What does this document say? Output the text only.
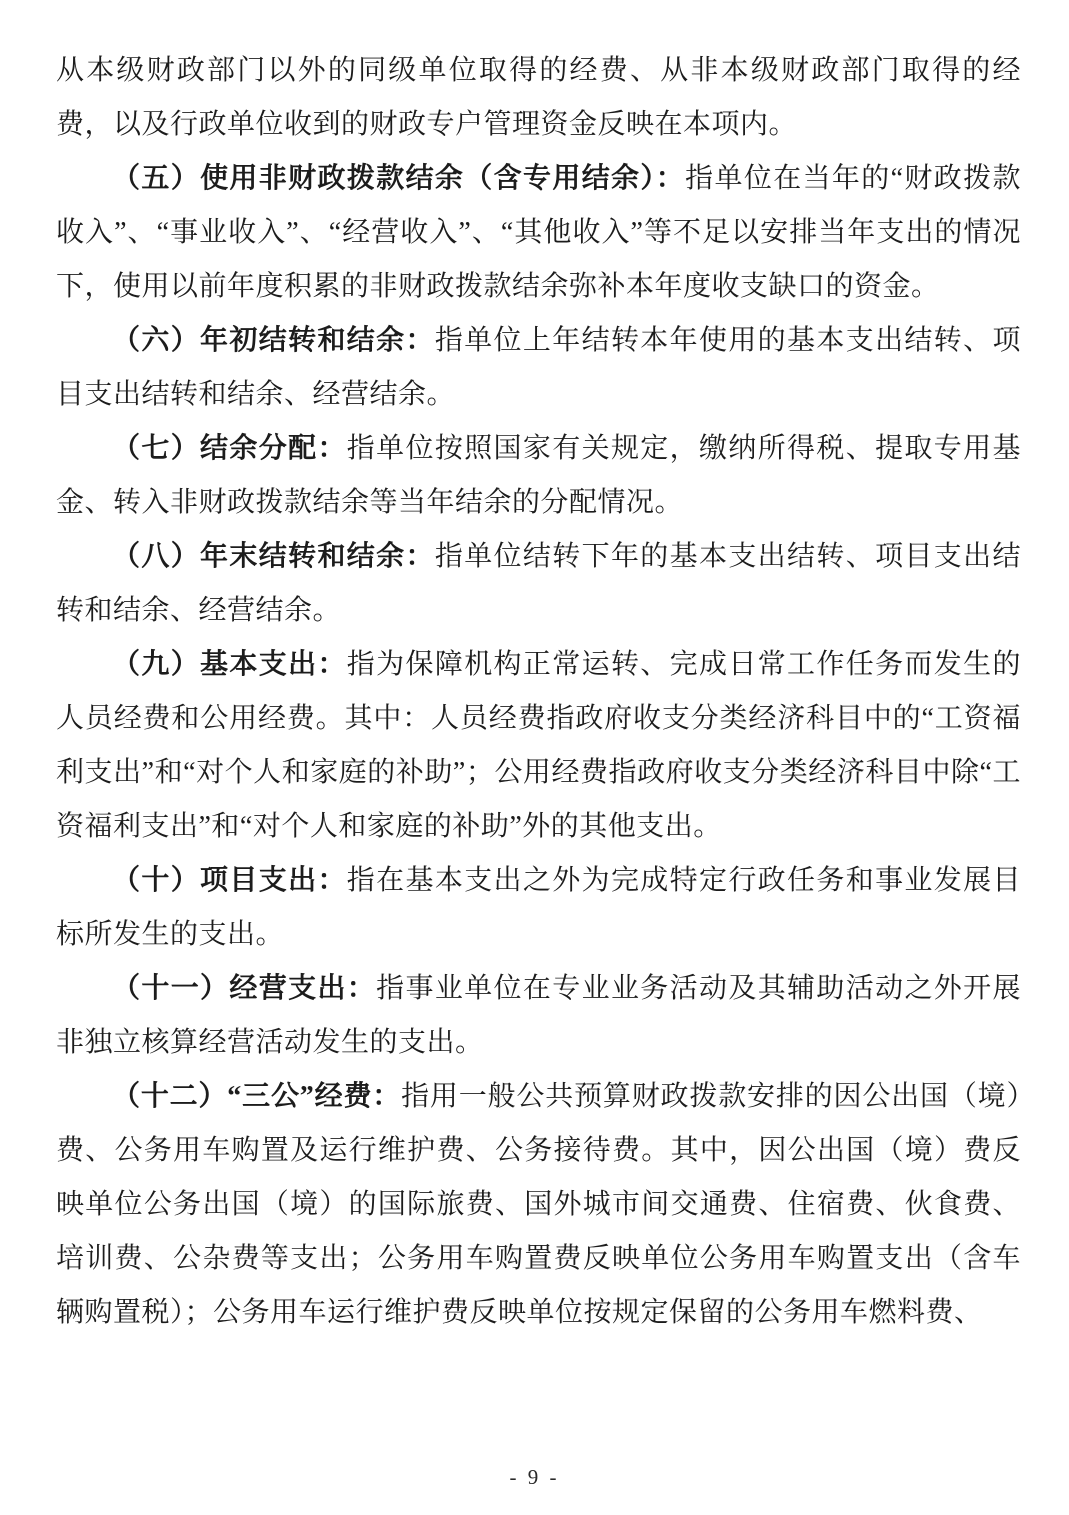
从本级财政部门以外的同级单位取得的经费、从非本级财政部门取得的经费，以及行政单位收到的财政专户管理资金反映在本项内。

（五）使用非财政拨款结余（含专用结余）：指单位在当年的“财政拨款收入”、“事业收入”、“经营收入”、“其他收入”等不足以安排当年支出的情况下，使用以前年度积累的非财政拨款结余弥补本年度收支缺口的资金。

（六）年初结转和结余：指单位上年结转本年使用的基本支出结转、项目支出结转和结余、经营结余。

（七）结余分配：指单位按照国家有关规定，缴纳所得税、提取专用基金、转入非财政拨款结余等当年结余的分配情况。

（八）年末结转和结余：指单位结转下年的基本支出结转、项目支出结转和结余、经营结余。

（九）基本支出：指为保障机构正常运转、完成日常工作任务而发生的人员经费和公用经费。其中：人员经费指政府收支分类经济科目中的“工资福利支出”和“对个人和家庭的补助”；公用经费指政府收支分类经济科目中除“工资福利支出”和“对个人和家庭的补助”外的其他支出。

（十）项目支出：指在基本支出之外为完成特定行政任务和事业发展目标所发生的支出。

（十一）经营支出：指事业单位在专业业务活动及其辅助活动之外开展非独立核算经营活动发生的支出。

（十二）“三公”经费：指用一般公共预算财政拨款安排的因公出国（境）费、公务用车购置及运行维护费、公务接待费。其中，因公出国（境）费反映单位公务出国（境）的国际旅费、国外城市间交通费、住宿费、伙食费、培训费、公杂费等支出；公务用车购置费反映单位公务用车购置支出（含车辆购置税）；公务用车运行维护费反映单位按规定保留的公务用车燃料费、

- 9 -
